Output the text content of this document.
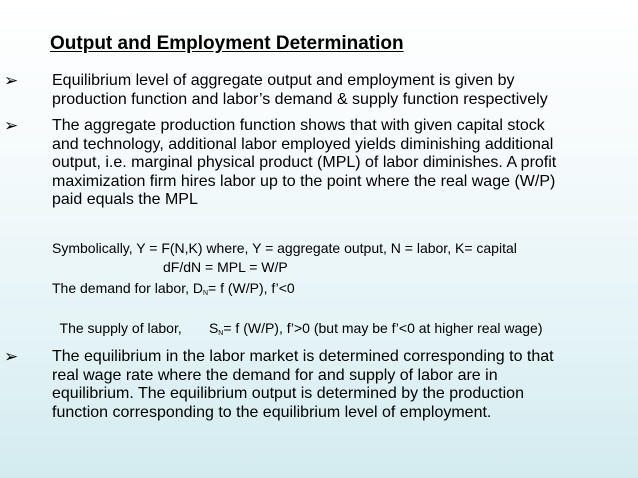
Output and Employment Determination
➢ Equilibrium level of aggregate output and employment is given by
production function and labor’s demand & supply function respectively
➢ The aggregate production function shows that with given capital stock
and technology, additional labor employed yields diminishing additional
output, i.e. marginal physical product (MPL) of labor diminishes. A profit
maximization firm hires labor up to the point where the real wage (W/P)
paid equals the MPL
Symbolically, Y = F(N,K) where, Y = aggregate output, N = labor, K= capital
dF/dN = MPL = W/P
The demand for labor, $D_N= f$ (W/P), f’<0

The supply of labor,       $S_N= f$ (W/P), f’>0 (but may be f’<0 at higher real wage)

➢ The equilibrium in the labor market is determined corresponding to that
real wage rate where the demand for and supply of labor are in
equilibrium. The equilibrium output is determined by the production
function corresponding to the equilibrium level of employment.
